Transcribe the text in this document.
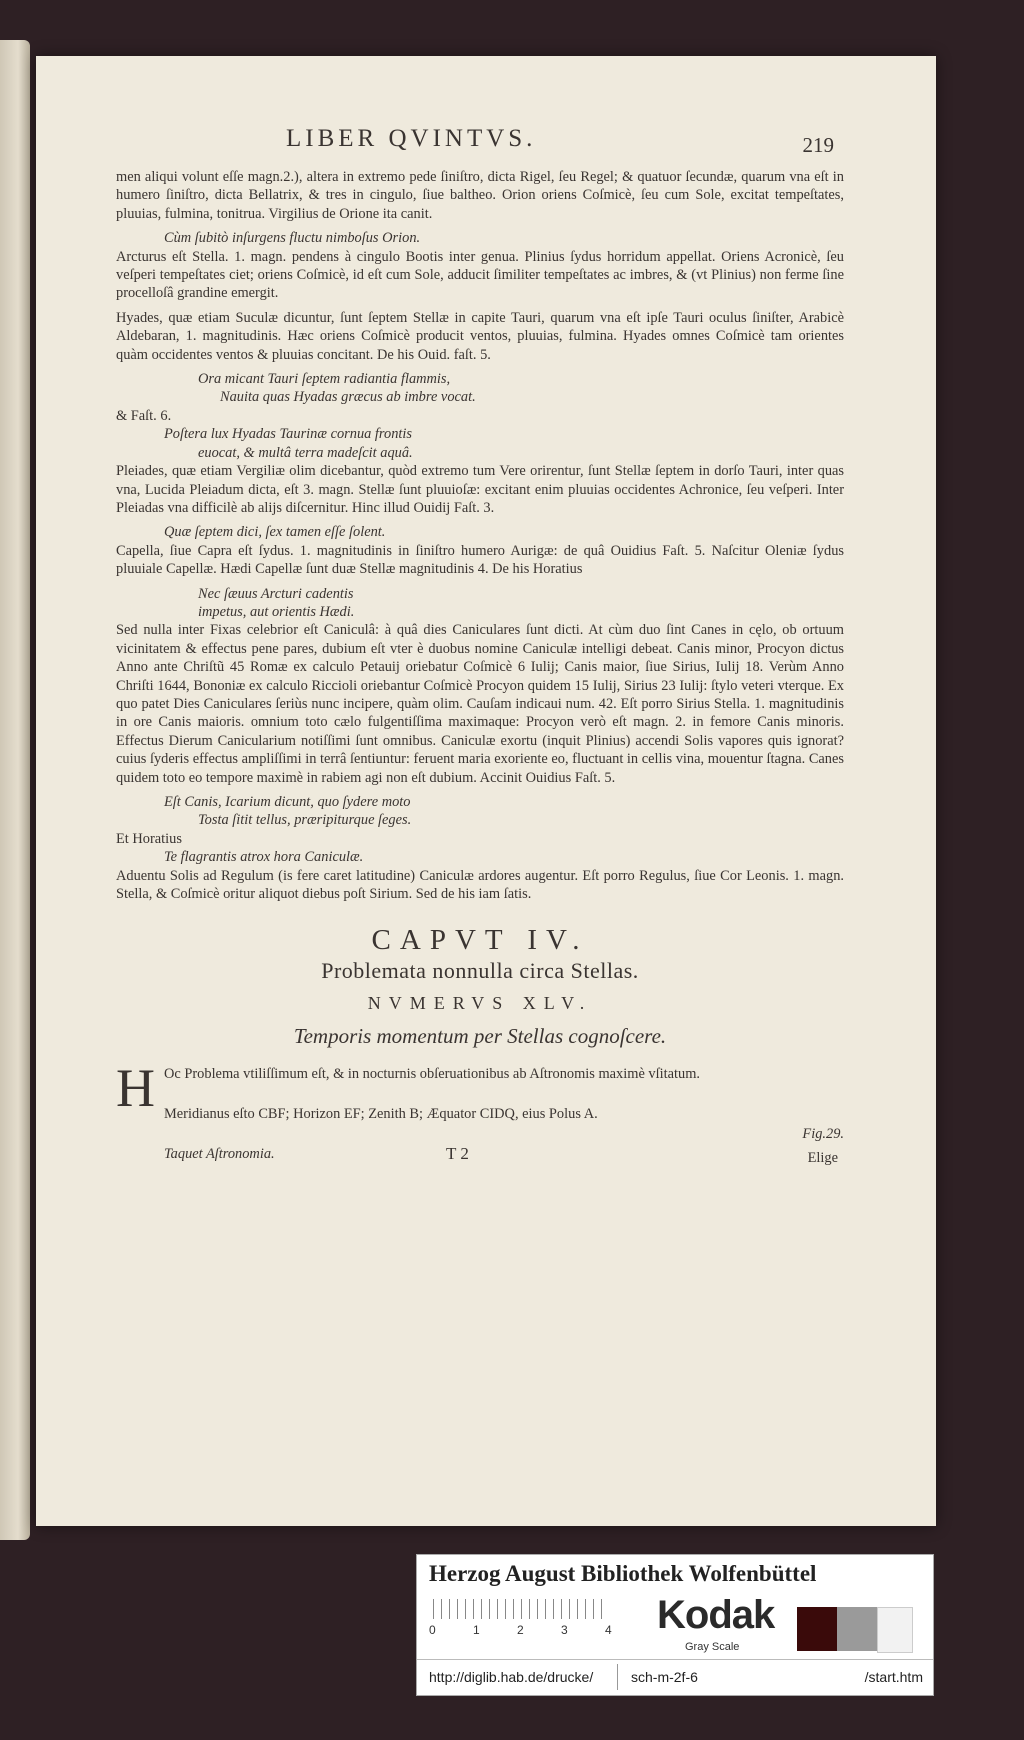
LIBER QVINTVS.	219

men aliqui volunt eſſe magn.2.), altera in extremo pede ſiniſtro, dicta Rigel, ſeu Regel; & quatuor ſecundæ, quarum vna eſt in humero ſiniſtro, dicta Bellatrix, & tres in cingulo, ſiue baltheo. Orion oriens Coſmicè, ſeu cum Sole, excitat tempeſtates, pluuias, fulmina, tonitrua. Virgilius de Orione ita canit.

Cùm ſubitò inſurgens fluctu nimboſus Orion.

Arcturus eſt Stella. 1. magn. pendens à cingulo Bootis inter genua. Plinius ſydus horridum appellat. Oriens Acronicè, ſeu veſperi tempeſtates ciet; oriens Coſmicè, id eſt cum Sole, adducit ſimiliter tempeſtates ac imbres, & (vt Plinius) non ferme ſine procelloſâ grandine emergit.

Hyades, quæ etiam Suculæ dicuntur, ſunt ſeptem Stellæ in capite Tauri, quarum vna eſt ipſe Tauri oculus ſiniſter, Arabicè Aldebaran, 1. magnitudinis. Hæc oriens Coſmicè producit ventos, pluuias, fulmina. Hyades omnes Coſmicè tam orientes quàm occidentes ventos & pluuias concitant. De his Ouid. faſt. 5.

Ora micant Tauri ſeptem radiantia flammis,

Nauita quas Hyadas græcus ab imbre vocat.

& Faſt. 6.

Poſtera lux Hyadas Taurinæ cornua frontis

euocat, & multâ terra madeſcit aquâ.

Pleiades, quæ etiam Vergiliæ olim dicebantur, quòd extremo tum Vere orirentur, ſunt Stellæ ſeptem in dorſo Tauri, inter quas vna, Lucida Pleiadum dicta, eſt 3. magn. Stellæ ſunt pluuioſæ: excitant enim pluuias occidentes Achronice, ſeu veſperi. Inter Pleiadas vna difficilè ab alijs diſcernitur. Hinc illud Ouidij Faſt. 3.

Quæ ſeptem dici, ſex tamen eſſe ſolent.

Capella, ſiue Capra eſt ſydus. 1. magnitudinis in ſiniſtro humero Aurigæ: de quâ Ouidius Faſt. 5. Naſcitur Oleniæ ſydus pluuiale Capellæ. Hædi Capellæ ſunt duæ Stellæ magnitudinis 4. De his Horatius

Nec ſæuus Arcturi cadentis

impetus, aut orientis Hædi.

Sed nulla inter Fixas celebrior eſt Caniculâ: à quâ dies Caniculares ſunt dicti. At cùm duo ſint Canes in cęlo, ob ortuum vicinitatem & effectus pene pares, dubium eſt vter è duobus nomine Caniculæ intelligi debeat. Canis minor, Procyon dictus Anno ante Chriſtũ 45 Romæ ex calculo Petauij oriebatur Coſmicè 6 Iulij; Canis maior, ſiue Sirius, Iulij 18. Verùm Anno Chriſti 1644, Bononiæ ex calculo Riccioli oriebantur Coſmicè Procyon quidem 15 Iulij, Sirius 23 Iulij: ſtylo veteri vterque. Ex quo patet Dies Caniculares ſeriùs nunc incipere, quàm olim. Cauſam indicaui num. 42. Eſt porro Sirius Stella. 1. magnitudinis in ore Canis maioris. omnium toto cælo fulgentiſſima maximaque: Procyon verò eſt magn. 2. in femore Canis minoris. Effectus Dierum Canicularium notiſſimi ſunt omnibus. Caniculæ exortu (inquit Plinius) accendi Solis vapores quis ignorat? cuius ſyderis effectus ampliſſimi in terrâ ſentiuntur: feruent maria exoriente eo, fluctuant in cellis vina, mouentur ſtagna. Canes quidem toto eo tempore maximè in rabiem agi non eſt dubium. Accinit Ouidius Faſt. 5.

Eſt Canis, Icarium dicunt, quo ſydere moto

Tosta ſitit tellus, præripiturque ſeges.

Et Horatius

Te flagrantis atrox hora Caniculæ.

Aduentu Solis ad Regulum (is fere caret latitudine) Caniculæ ardores augentur. Eſt porro Regulus, ſiue Cor Leonis. 1. magn. Stella, & Coſmicè oritur aliquot diebus poſt Sirium. Sed de his iam ſatis.

CAPVT IV.
Problemata nonnulla circa Stellas.
NVMERVS XLV.
Temporis momentum per Stellas cognoſcere.

H Oc Problema vtiliſſimum eſt, & in nocturnis obſeruationibus ab Aſtronomis maximè vſitatum.

Meridianus eſto CBF; Horizon EF; Zenith B; Æquator CIDQ, eius Polus A.

Taquet Aſtronomia.	T 2
Fig.29.
Elige
Herzog August Bibliothek Wolfenbüttel
0	1	2	3	4 Kodak
Gray Scale
http://diglib.hab.de/drucke/	sch-m-2f-6	/start.htm
